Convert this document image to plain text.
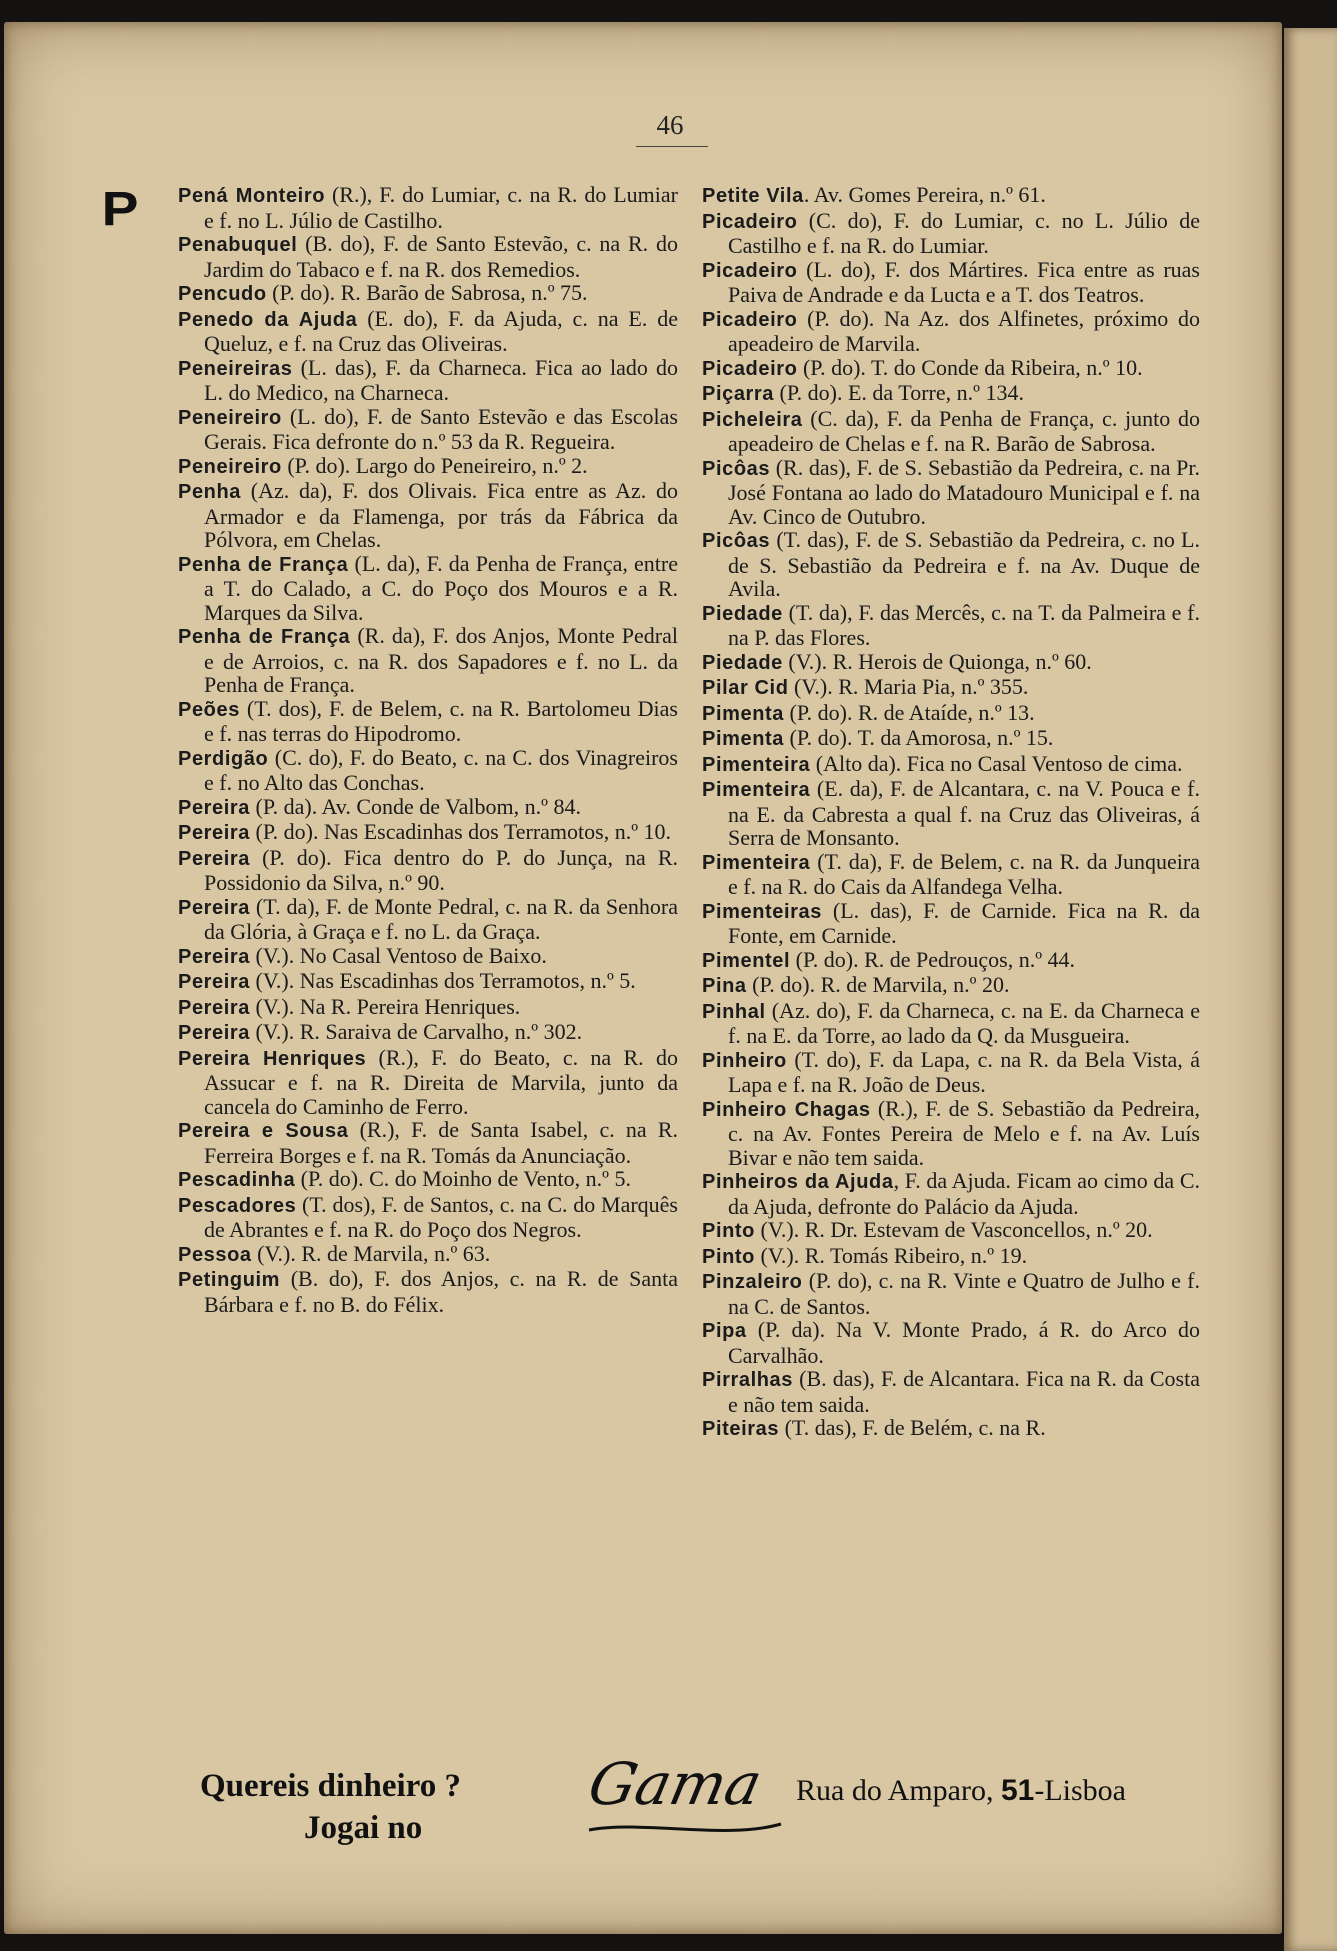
46
P Pená Monteiro (R.), F. do Lumiar, c. na R. do Lumiar e f. no L. Júlio de Castilho.
Penabuquel (B. do), F. de Santo Estevão, c. na R. do Jardim do Tabaco e f. na R. dos Remedios.
Pencudo (P. do). R. Barão de Sabrosa, n.º 75.
Penedo da Ajuda (E. do), F. da Ajuda, c. na E. de Queluz, e f. na Cruz das Oliveiras.
Peneireiras (L. das), F. da Charneca. Fica ao lado do L. do Medico, na Charneca.
Peneireiro (L. do), F. de Santo Estevão e das Escolas Gerais. Fica defronte do n.º 53 da R. Regueira.
Peneireiro (P. do). Largo do Peneireiro, n.º 2.
Penha (Az. da), F. dos Olivais. Fica entre as Az. do Armador e da Flamenga, por trás da Fábrica da Pólvora, em Chelas.
Penha de França (L. da), F. da Penha de França, entre a T. do Calado, a C. do Poço dos Mouros e a R. Marques da Silva.
Penha de França (R. da), F. dos Anjos, Monte Pedral e de Arroios, c. na R. dos Sapadores e f. no L. da Penha de França.
Peões (T. dos), F. de Belem, c. na R. Bartolomeu Dias e f. nas terras do Hipodromo.
Perdigão (C. do), F. do Beato, c. na C. dos Vinagreiros e f. no Alto das Conchas.
Pereira (P. da). Av. Conde de Valbom, n.º 84.
Pereira (P. do). Nas Escadinhas dos Terramotos, n.º 10.
Pereira (P. do). Fica dentro do P. do Junça, na R. Possidonio da Silva, n.º 90.
Pereira (T. da), F. de Monte Pedral, c. na R. da Senhora da Glória, à Graça e f. no L. da Graça.
Pereira (V.). No Casal Ventoso de Baixo.
Pereira (V.). Nas Escadinhas dos Terramotos, n.º 5.
Pereira (V.). Na R. Pereira Henriques.
Pereira (V.). R. Saraiva de Carvalho, n.º 302.
Pereira Henriques (R.), F. do Beato, c. na R. do Assucar e f. na R. Direita de Marvila, junto da cancela do Caminho de Ferro.
Pereira e Sousa (R.), F. de Santa Isabel, c. na R. Ferreira Borges e f. na R. Tomás da Anunciação.
Pescadinha (P. do). C. do Moinho de Vento, n.º 5.
Pescadores (T. dos), F. de Santos, c. na C. do Marquês de Abrantes e f. na R. do Poço dos Negros.
Pessoa (V.). R. de Marvila, n.º 63.
Petinguim (B. do), F. dos Anjos, c. na R. de Santa Bárbara e f. no B. do Félix.
Petite Vila. Av. Gomes Pereira, n.º 61.
Picadeiro (C. do), F. do Lumiar, c. no L. Júlio de Castilho e f. na R. do Lumiar.
Picadeiro (L. do), F. dos Mártires. Fica entre as ruas Paiva de Andrade e da Lucta e a T. dos Teatros.
Picadeiro (P. do). Na Az. dos Alfinetes, próximo do apeadeiro de Marvila.
Picadeiro (P. do). T. do Conde da Ribeira, n.º 10.
Piçarra (P. do). E. da Torre, n.º 134.
Picheleira (C. da), F. da Penha de França, c. junto do apeadeiro de Chelas e f. na R. Barão de Sabrosa.
Picôas (R. das), F. de S. Sebastião da Pedreira, c. na Pr. José Fontana ao lado do Matadouro Municipal e f. na Av. Cinco de Outubro.
Picôas (T. das), F. de S. Sebastião da Pedreira, c. no L. de S. Sebastião da Pedreira e f. na Av. Duque de Avila.
Piedade (T. da), F. das Mercês, c. na T. da Palmeira e f. na P. das Flores.
Piedade (V.). R. Herois de Quionga, n.º 60.
Pilar Cid (V.). R. Maria Pia, n.º 355.
Pimenta (P. do). R. de Ataíde, n.º 13.
Pimenta (P. do). T. da Amorosa, n.º 15.
Pimenteira (Alto da). Fica no Casal Ventoso de cima.
Pimenteira (E. da), F. de Alcantara, c. na V. Pouca e f. na E. da Cabresta a qual f. na Cruz das Oliveiras, á Serra de Monsanto.
Pimenteira (T. da), F. de Belem, c. na R. da Junqueira e f. na R. do Cais da Alfandega Velha.
Pimenteiras (L. das), F. de Carnide. Fica na R. da Fonte, em Carnide.
Pimentel (P. do). R. de Pedrouços, n.º 44.
Pina (P. do). R. de Marvila, n.º 20.
Pinhal (Az. do), F. da Charneca, c. na E. da Charneca e f. na E. da Torre, ao lado da Q. da Musgueira.
Pinheiro (T. do), F. da Lapa, c. na R. da Bela Vista, á Lapa e f. na R. João de Deus.
Pinheiro Chagas (R.), F. de S. Sebastião da Pedreira, c. na Av. Fontes Pereira de Melo e f. na Av. Luís Bivar e não tem saida.
Pinheiros da Ajuda, F. da Ajuda. Ficam ao cimo da C. da Ajuda, defronte do Palácio da Ajuda.
Pinto (V.). R. Dr. Estevam de Vasconcellos, n.º 20.
Pinto (V.). R. Tomás Ribeiro, n.º 19.
Pinzaleiro (P. do), c. na R. Vinte e Quatro de Julho e f. na C. de Santos.
Pipa (P. da). Na V. Monte Prado, á R. do Arco do Carvalhão.
Pirralhas (B. das), F. de Alcantara. Fica na R. da Costa e não tem saida.
Piteiras (T. das), F. de Belém, c. na R.
Quereis dinheiro ?
Jogai no
Gama Rua do Amparo, 51-Lisboa
